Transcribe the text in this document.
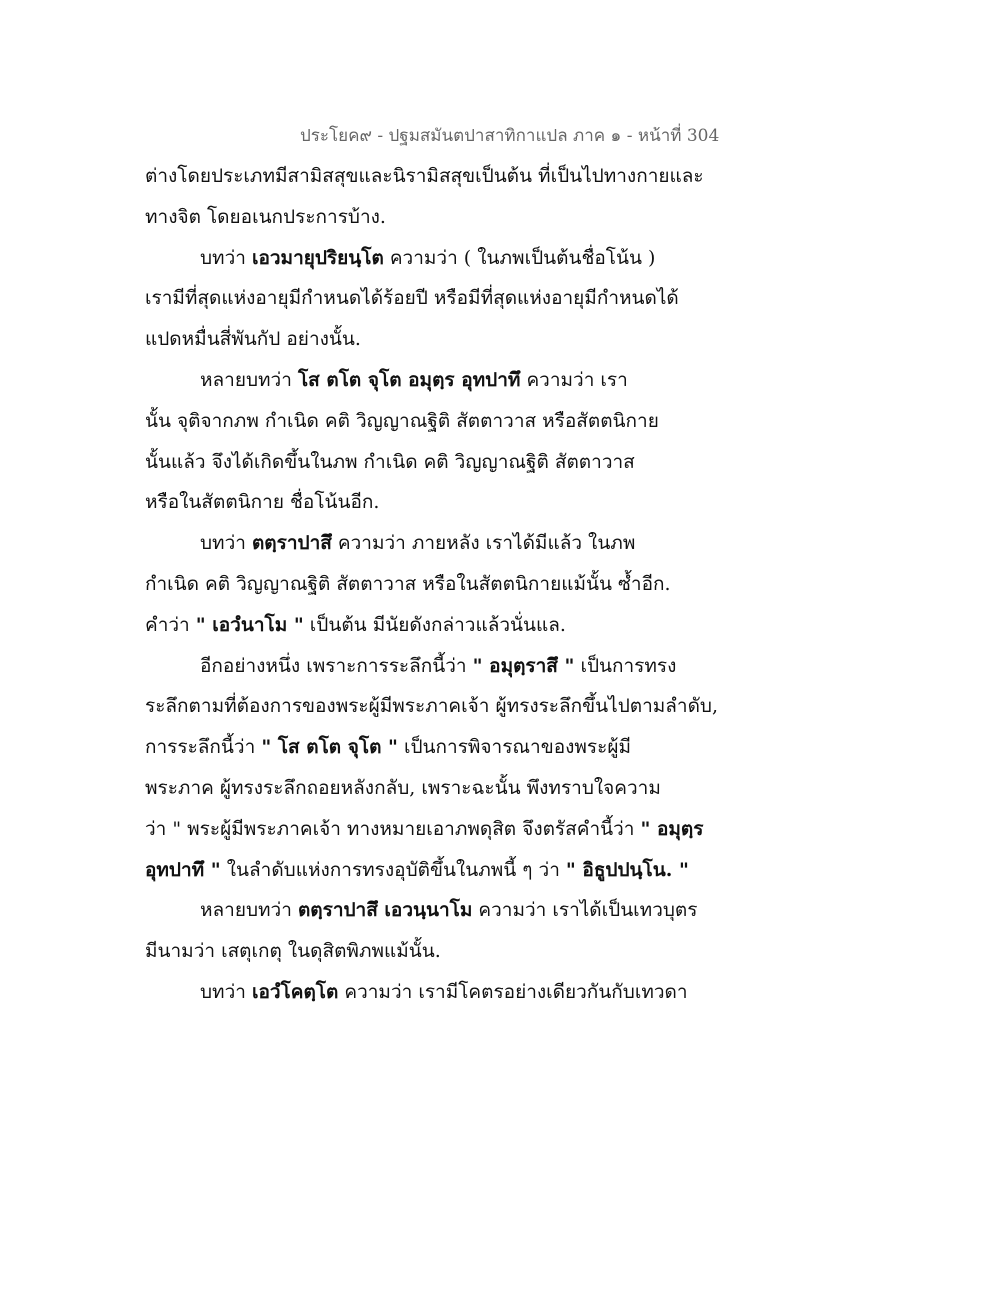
ประโยค๙ - ปฐมสมันตปาสาทิกาแปล ภาค ๑ - หน้าที่ 304
ต่างโดยประเภทมีสามิสสุขและนิรามิสสุขเป็นต้น ที่เป็นไปทางกายและ
ทางจิต โดยอเนกประการบ้าง.
บทว่า เอวมายุปริยนฺโต ความว่า ( ในภพเป็นต้นชื่อโน้น )
เรามีที่สุดแห่งอายุมีกำหนดได้ร้อยปี หรือมีที่สุดแห่งอายุมีกำหนดได้
แปดหมื่นสี่พันกัป อย่างนั้น.
หลายบทว่า โส ตโต จุโต อมุตฺร อุทปาทึ ความว่า เรา
นั้น จุติจากภพ กำเนิด คติ วิญญาณฐิติ สัตตาวาส หรือสัตตนิกาย
นั้นแล้ว จึงได้เกิดขึ้นในภพ กำเนิด คติ วิญญาณฐิติ สัตตาวาส
หรือในสัตตนิกาย ชื่อโน้นอีก.
บทว่า ตตฺราปาสึ ความว่า ภายหลัง เราได้มีแล้ว ในภพ
กำเนิด คติ วิญญาณฐิติ สัตตาวาส หรือในสัตตนิกายแม้นั้น ซ้ำอีก.
คำว่า " เอวํนาโม " เป็นต้น มีนัยดังกล่าวแล้วนั่นแล.
อีกอย่างหนึ่ง เพราะการระลึกนี้ว่า " อมุตฺราสึ " เป็นการทรง
ระลึกตามที่ต้องการของพระผู้มีพระภาคเจ้า ผู้ทรงระลึกขึ้นไปตามลำดับ,
การระลึกนี้ว่า " โส ตโต จุโต " เป็นการพิจารณาของพระผู้มี
พระภาค ผู้ทรงระลึกถอยหลังกลับ, เพราะฉะนั้น พึงทราบใจความ
ว่า " พระผู้มีพระภาคเจ้า ทางหมายเอาภพดุสิต จึงตรัสคำนี้ว่า " อมุตฺร
อุทปาทึ " ในลำดับแห่งการทรงอุบัติขึ้นในภพนี้ ๆ ว่า " อิธูปปนฺโน. "
หลายบทว่า ตตฺราปาสึ เอวนฺนาโม ความว่า เราได้เป็นเทวบุตร
มีนามว่า เสตุเกตุ ในดุสิตพิภพแม้นั้น.
บทว่า เอวํโคตฺโต ความว่า เรามีโคตรอย่างเดียวกันกับเทวดา
